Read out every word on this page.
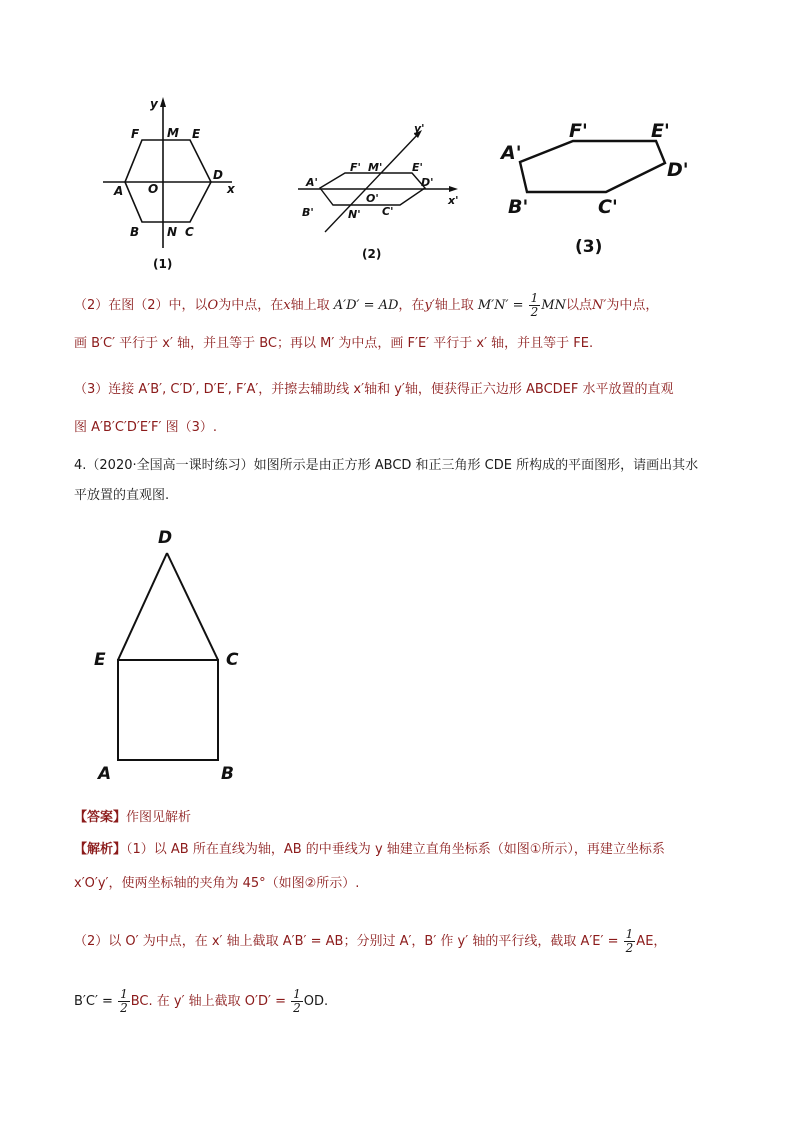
y
x
F M E
A O
D
B N C
(1)
y'
x'
A'
F' M'	E'
D'
O'
B'	N' C'
(2)
A'
F'	E'
D'
B'	C'
(3)
（2）在图（2）中，以O为中点，在x轴上取 A′D′ = AD，在y′轴上取 $M'N' = \frac{1}{2}$ MN以点N′为中点，
画 B′C′ 平行于 x′ 轴，并且等于 BC；再以 M′ 为中点，画 F′E′ 平行于 x′ 轴，并且等于 FE.
（3）连接 A′B′, C′D′, D′E′, F′A′，并擦去辅助线 x′轴和 y′轴，便获得正六边形 ABCDEF 水平放置的直观
图 A′B′C′D′E′F′ 图（3）.
4.（2020·全国高一课时练习）如图所示是由正方形 ABCD 和正三角形 CDE 所构成的平面图形，请画出其水
平放置的直观图.
D
E	C
A	B
【答案】作图见解析
【解析】（1）以 AB 所在直线为轴，AB 的中垂线为 y 轴建立直角坐标系（如图①所示），再建立坐标系
x′O′y′，使两坐标轴的夹角为 45°（如图②所示）.
（2）以 O′ 为中点，在 x′ 轴上截取 A′B′ = AB；分别过 A′，B′ 作 y′ 轴的平行线，截取 $A'E' = \frac{1}{2}$ AE，
$B'C' = \frac{1}{2}$ BC. 在 y′ 轴上截取 $O'D' = \frac{1}{2}$ OD.
